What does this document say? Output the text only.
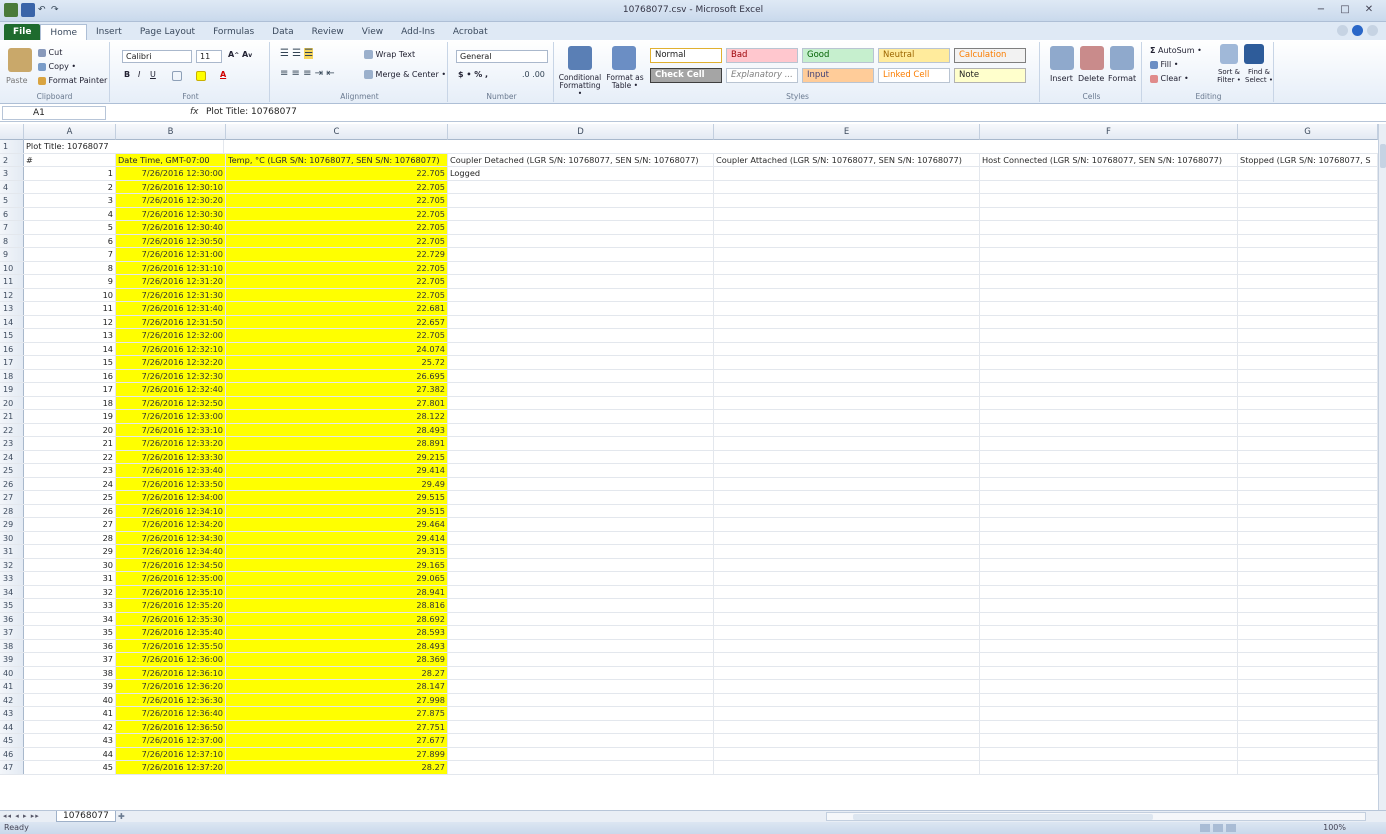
↶ ↷	10768077.csv - Microsoft Excel	−	□	✕
File	Home	Insert	Page Layout	Formulas	Data	Review	View	Add-Ins	Acrobat
Paste
Cut
Copy •
Format Painter
Clipboard
Calibri	11	A^ Av
B I U	A
Font
☰ ☰ ☰
≡ ≡ ≡ ⇥ ⇤
Wrap Text
Merge & Center •
Alignment
General
$ • % ,	.0 .00
Number
Conditional Formatting •
Format as Table •
Normal	Bad	Good	Neutral	Calculation
Check Cell	Explanatory ...	Input	Linked Cell	Note
Styles
Insert Delete Format
Cells
Σ AutoSum •
Fill •
Clear •
Sort & Filter •
Find & Select •
Editing
A1	fx Plot Title: 10768077
A	B	C	D	E	F	G
1	Plot Title: 10768077
2	#	Date Time, GMT-07:00	Temp, °C (LGR S/N: 10768077, SEN S/N: 10768077)	Coupler Detached (LGR S/N: 10768077, SEN S/N: 10768077)	Coupler Attached (LGR S/N: 10768077, SEN S/N: 10768077)	Host Connected (LGR S/N: 10768077, SEN S/N: 10768077)	Stopped (LGR S/N: 10768077, S
3	1	7/26/2016 12:30:00	22.705 Logged
4	2	7/26/2016 12:30:10	22.705
5	3	7/26/2016 12:30:20	22.705
6	4	7/26/2016 12:30:30	22.705
7	5	7/26/2016 12:30:40	22.705
8	6	7/26/2016 12:30:50	22.705
9	7	7/26/2016 12:31:00	22.729
10	8	7/26/2016 12:31:10	22.705
11	9	7/26/2016 12:31:20	22.705
12	10	7/26/2016 12:31:30	22.705
13	11	7/26/2016 12:31:40	22.681
14	12	7/26/2016 12:31:50	22.657
15	13	7/26/2016 12:32:00	22.705
16	14	7/26/2016 12:32:10	24.074
17	15	7/26/2016 12:32:20	25.72
18	16	7/26/2016 12:32:30	26.695
19	17	7/26/2016 12:32:40	27.382
20	18	7/26/2016 12:32:50	27.801
21	19	7/26/2016 12:33:00	28.122
22	20	7/26/2016 12:33:10	28.493
23	21	7/26/2016 12:33:20	28.891
24	22	7/26/2016 12:33:30	29.215
25	23	7/26/2016 12:33:40	29.414
26	24	7/26/2016 12:33:50	29.49
27	25	7/26/2016 12:34:00	29.515
28	26	7/26/2016 12:34:10	29.515
29	27	7/26/2016 12:34:20	29.464
30	28	7/26/2016 12:34:30	29.414
31	29	7/26/2016 12:34:40	29.315
32	30	7/26/2016 12:34:50	29.165
33	31	7/26/2016 12:35:00	29.065
34	32	7/26/2016 12:35:10	28.941
35	33	7/26/2016 12:35:20	28.816
36	34	7/26/2016 12:35:30	28.692
37	35	7/26/2016 12:35:40	28.593
38	36	7/26/2016 12:35:50	28.493
39	37	7/26/2016 12:36:00	28.369
40	38	7/26/2016 12:36:10	28.27
41	39	7/26/2016 12:36:20	28.147
42	40	7/26/2016 12:36:30	27.998
43	41	7/26/2016 12:36:40	27.875
44	42	7/26/2016 12:36:50	27.751
45	43	7/26/2016 12:37:00	27.677
46	44	7/26/2016 12:37:10	27.899
47	45	7/26/2016 12:37:20	28.27
◂◂ ◂ ▸ ▸▸	10768077	✚
Ready	100%
